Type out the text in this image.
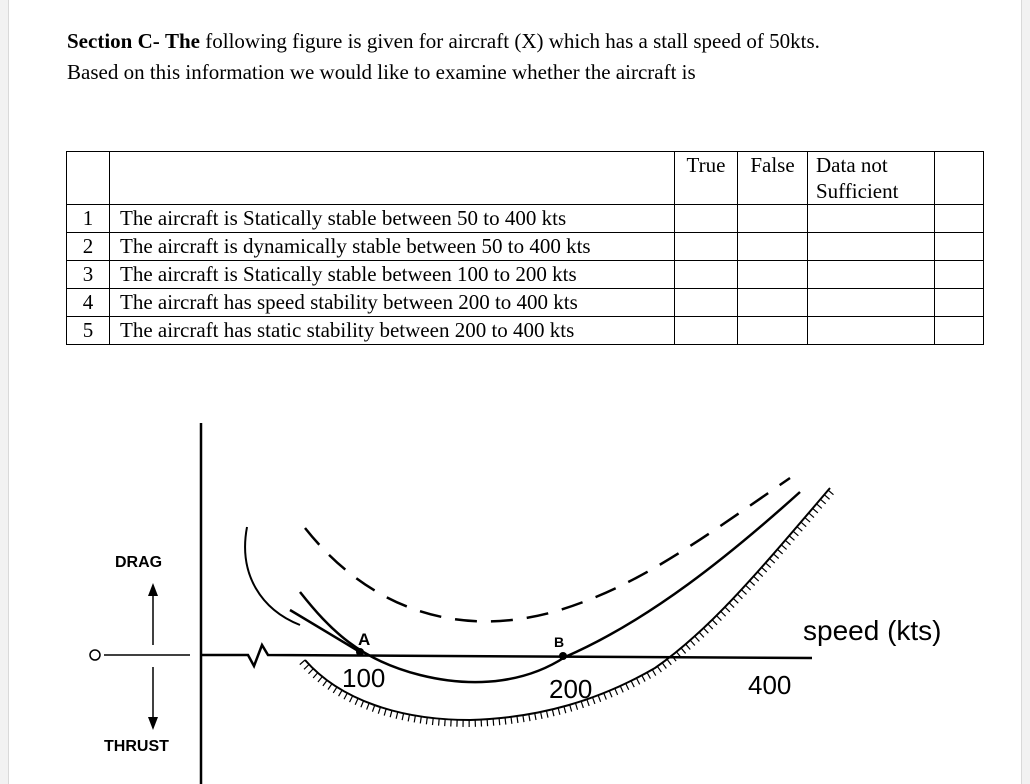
Section C- The following figure is given for aircraft (X) which has a stall speed of 50kts.
Based on this information we would like to examine whether the aircraft is
		True	False	Data not Sufficient	
1	The aircraft is Statically stable between 50 to 400 kts				
2	The aircraft is dynamically stable between 50 to 400 kts				
3	The aircraft is Statically stable between 100 to 200 kts				
4	The aircraft has speed stability between 200 to 400 kts				
5	The aircraft has static stability between 200 to 400 kts				
DRAG
THRUST
A	B
100	200	400
speed (kts)
